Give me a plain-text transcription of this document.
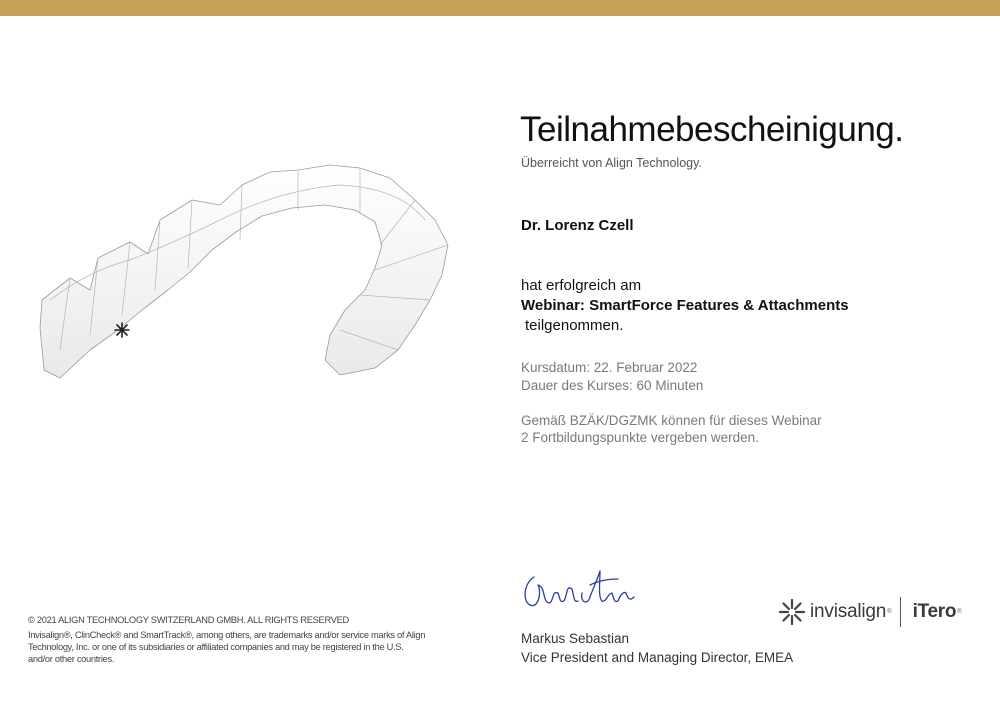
Teilnahmebescheinigung.
Überreicht von Align Technology.
Dr. Lorenz Czell
hat erfolgreich am
Webinar: SmartForce Features & Attachments
teilgenommen.
Kursdatum: 22. Februar 2022
Dauer des Kurses: 60 Minuten
Gemäß BZÄK/DGZMK können für dieses Webinar
2 Fortbildungspunkte vergeben werden.
Markus Sebastian
Vice President and Managing Director, EMEA
© 2021 ALIGN TECHNOLOGY SWITZERLAND GMBH. ALL RIGHTS RESERVED
Invisalign®, ClinCheck® and SmartTrack®, among others, are trademarks and/or service marks of Align
Technology, Inc. or one of its subsidiaries or affiliated companies and may be registered in the U.S.
and/or other countries.
invisalign ® iTero ®
